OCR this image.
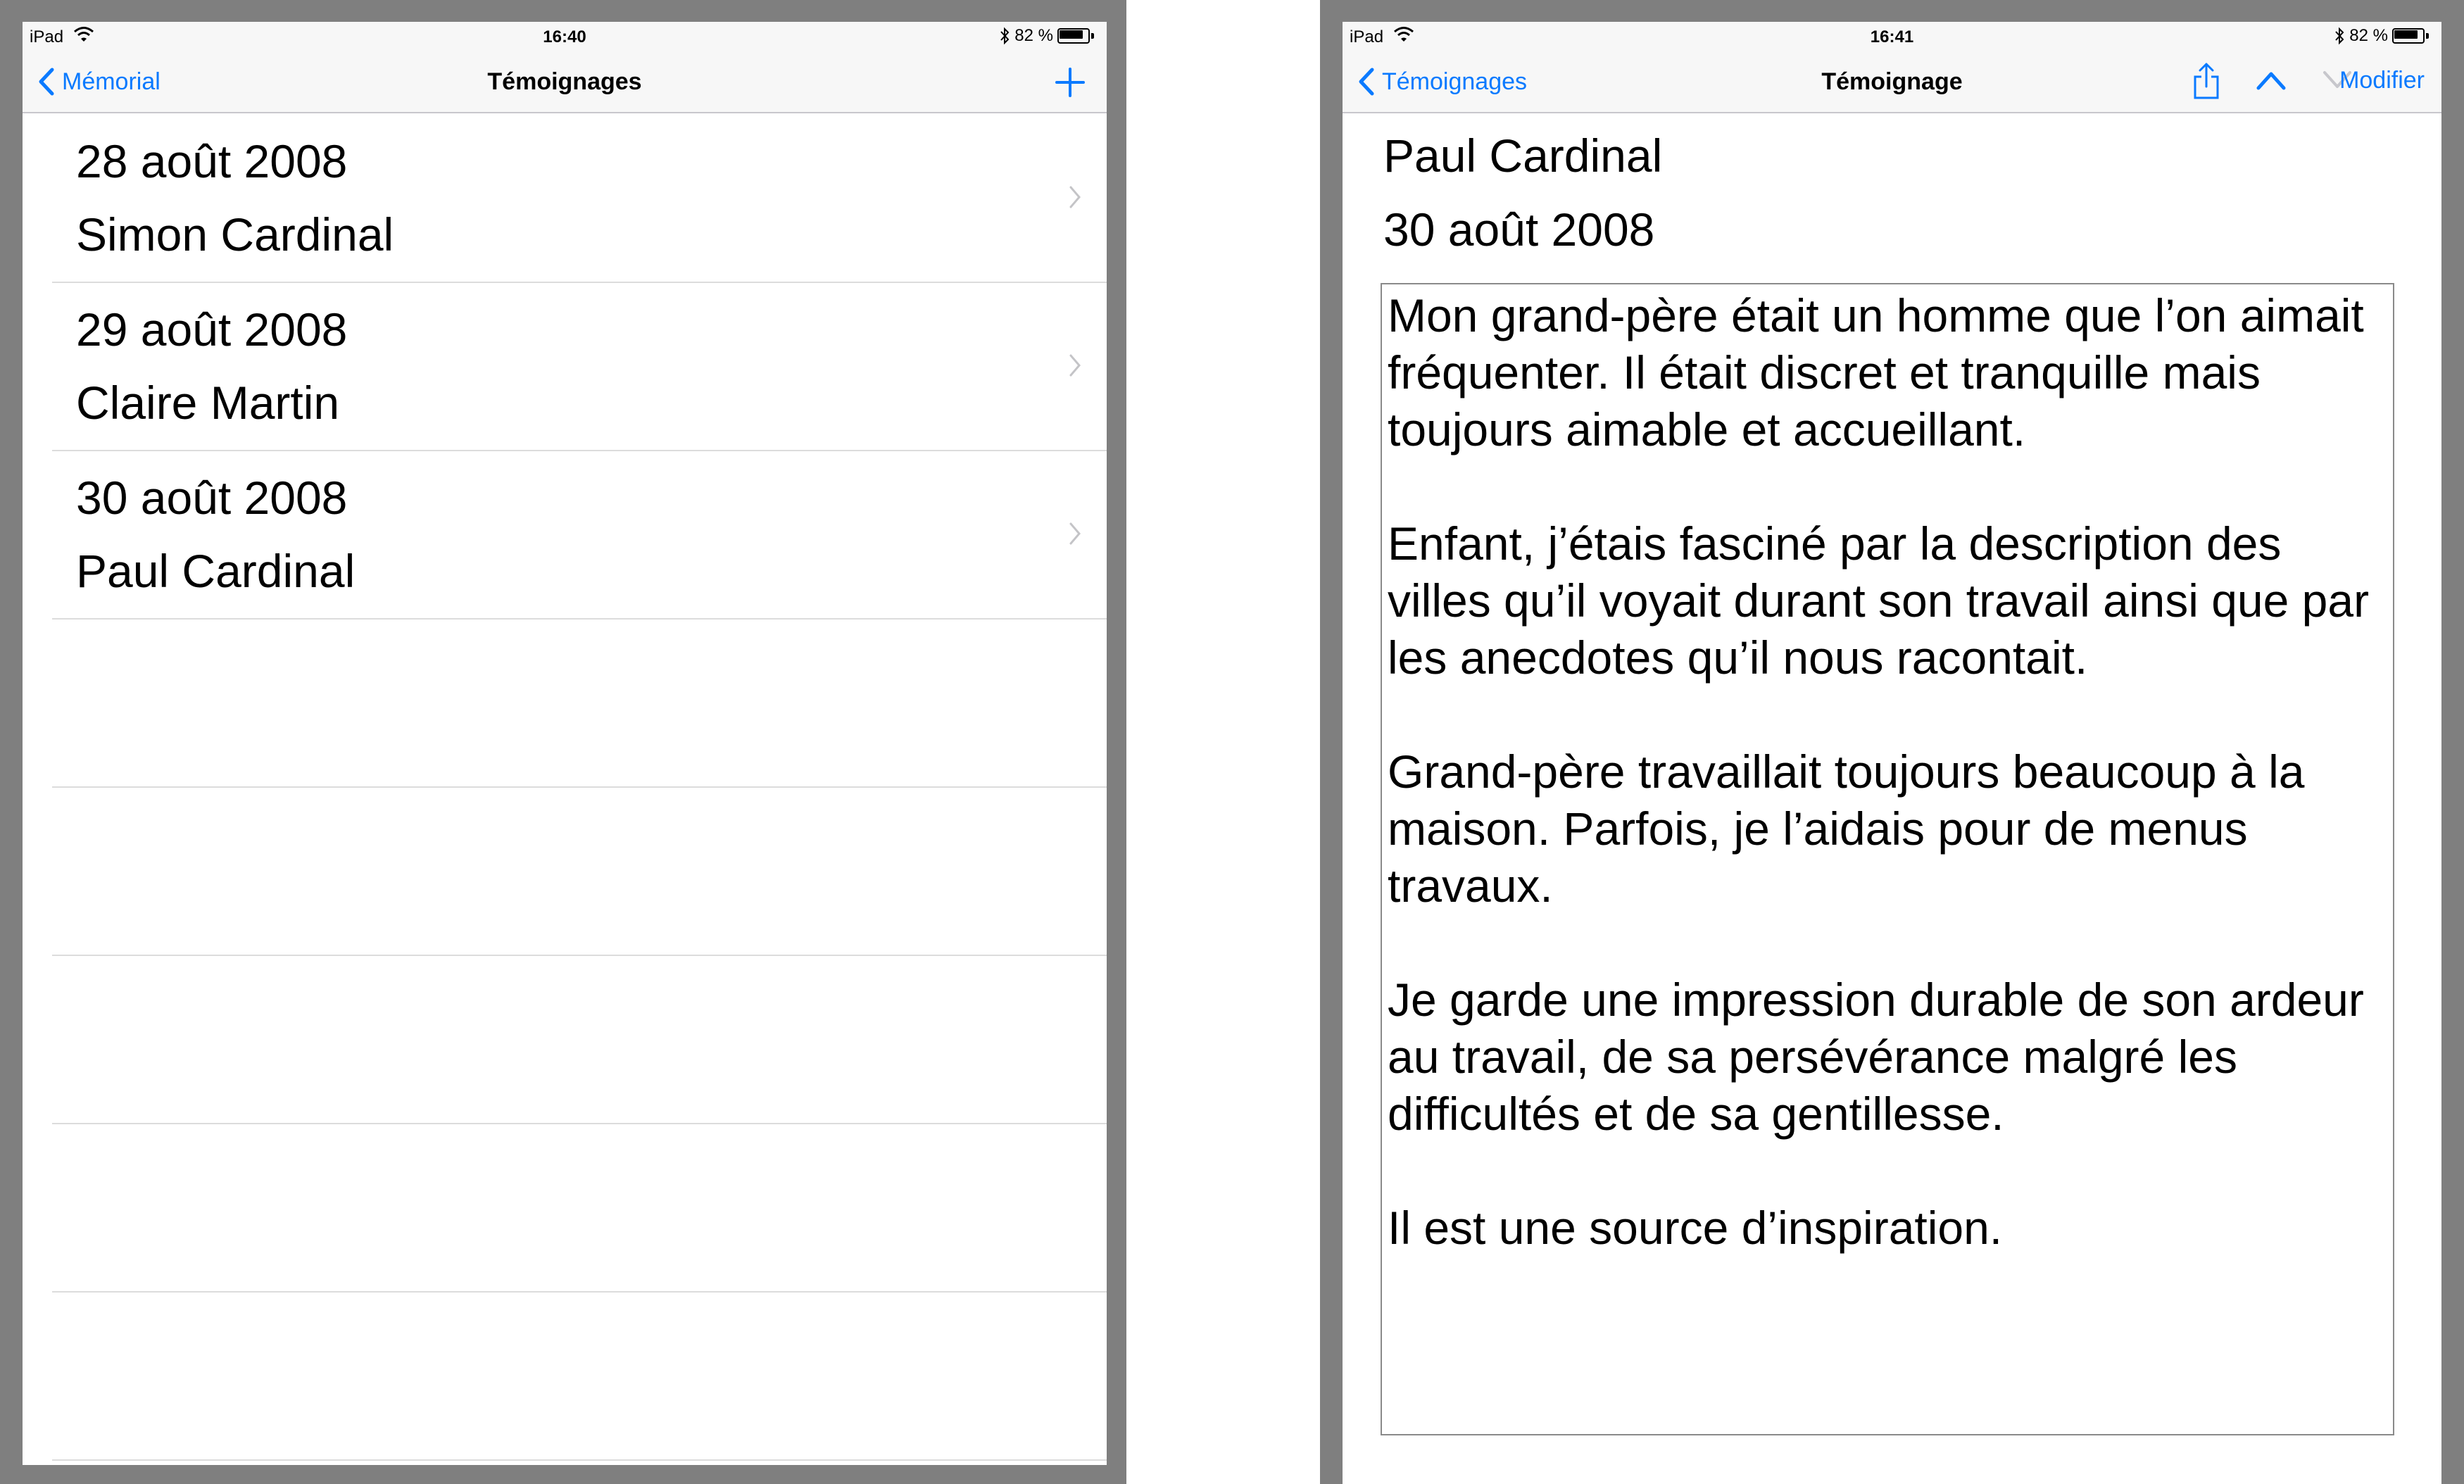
iPad	16:40	82 %
Mémorial	Témoignages
28 août 2008
Simon Cardinal
29 août 2008
Claire Martin
30 août 2008
Paul Cardinal
iPad	16:41	82 %
Témoignages	Témoignage	Modifier
Paul Cardinal
30 août 2008
Mon grand-père était un homme que l’on aimait fréquenter. Il était discret et tranquille mais toujours aimable et accueillant.

Enfant, j’étais fasciné par la description des villes qu’il voyait durant son travail ainsi que par les anecdotes qu’il nous racontait.

Grand-père travaillait toujours beaucoup à la maison. Parfois, je l’aidais pour de menus travaux.

Je garde une impression durable de son ardeur au travail, de sa persévérance malgré les difficultés et de sa gentillesse.

Il est une source d’inspiration.
